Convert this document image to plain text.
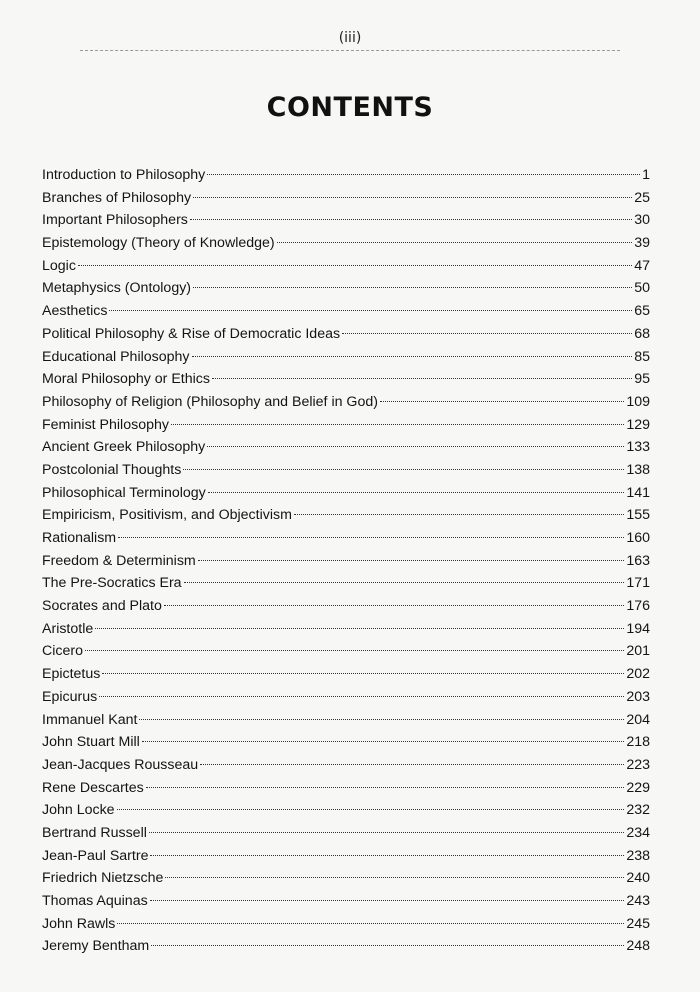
(iii)
CONTENTS
Introduction to Philosophy	1
Branches of Philosophy	25
Important Philosophers	30
Epistemology (Theory of Knowledge)	39
Logic	47
Metaphysics (Ontology)	50
Aesthetics	65
Political Philosophy & Rise of Democratic Ideas	68
Educational Philosophy	85
Moral Philosophy or Ethics	95
Philosophy of Religion (Philosophy and Belief in God)	109
Feminist Philosophy	129
Ancient Greek Philosophy	133
Postcolonial Thoughts	138
Philosophical Terminology	141
Empiricism, Positivism, and Objectivism	155
Rationalism	160
Freedom & Determinism	163
The Pre-Socratics Era	171
Socrates and Plato	176
Aristotle	194
Cicero	201
Epictetus	202
Epicurus	203
Immanuel Kant	204
John Stuart Mill	218
Jean-Jacques Rousseau	223
Rene Descartes	229
John Locke	232
Bertrand Russell	234
Jean-Paul Sartre	238
Friedrich Nietzsche	240
Thomas Aquinas	243
John Rawls	245
Jeremy Bentham	248
